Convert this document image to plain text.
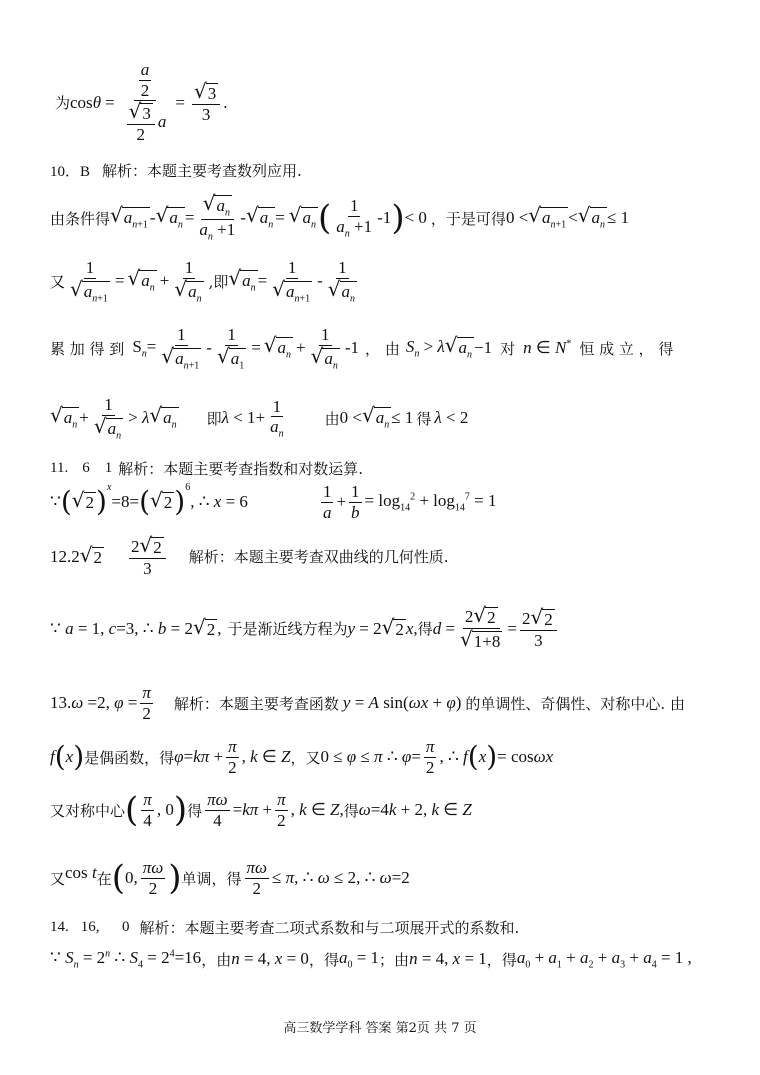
为 $\cos \theta = \frac{\frac{a}{2}}{\frac{√ 3}{2} a} = \frac{√ 3}{3}$ .
10．B 解析：本题主要考查数列应用.
由条件得 √ $a_{n+1}$ - √ $a_n = \frac{√ a_n}{a_n +1}$ - √ $a_n$ = √ $a_n$ ( $\frac{1}{a_n +1} -1$ ) < 0 ，于是可得 0 < √ $a_{n+1}$ < √ $a_n \le 1$
又 $\frac{1}{√ a_{n+1}}$ = √ $a_n + \frac{1}{√ a_n}$ ,即 √ $a_n = \frac{1}{√ a_{n+1}} - \frac{1}{√ a_n}$
累 加 得 到 $S_n= \frac{1}{√ a_{n+1}} - \frac{1}{√ a_1}$ = √ $a_n + \frac{1}{√ a_n} -1$ ， 由 $S_n > \lambda$ √ $a_n -1$ 对 n ∈ N* 恒 成 立 ， 得
√ $a_n + \frac{1}{√ a_n} > \lambda$ √ $a_n$ 即 $\lambda < 1+ \frac{1}{a_n}$	由 0 < √ $a_n \le 1$ 得 λ < 2
11. 6    1 解析：本题主要考查指数和对数运算.
∵ ( √ 2 ) $^x$
=8= ( √ 2 )$^6$
, ∴ x = 6	$\frac{1}{a} + \frac{1}{b} = \log_{14}^2 + \log_{14}^7 = 1$
12. 2 √ $2 \frac{2 √ 2}{3}$ 解析：本题主要考查双曲线的几何性质.
∵ a = 1, c=3, ∴ b = 2 √ 2 , 于是渐近线方程为 y = 2 √ 2 x, 得 $d = \frac{2 √ 2}{√ 1+8} = \frac{2 √ 2}{3}$
13. ω =2, $\varphi = \frac{\pi}{2}$ 解析：本题主要考查函数 y = A sin(ωx + φ) 的单调性、奇偶性、对称中心. 由
f ( x ) 是偶函数，得 $\varphi=k\pi + \frac{\pi}{2}$ , k ∈ Z ，又 0 ≤ φ ≤ π ∴ $\varphi= \frac{\pi}{2}$ , ∴ f ( x ) = cosωx
又对称中心 ( $\frac{\pi}{4}$ , 0 ) 得 $\frac{\pi\omega}{4} =k\pi + \frac{\pi}{2}$ , k ∈ Z, 得 ω=4k + 2, k ∈ Z
又 cos t 在 ( 0, $\frac{\pi\omega}{2}$ ) 单调，得 $\frac{\pi\omega}{2} \le \pi$, ∴ ω ≤ 2, ∴ ω=2
14. 16,      0 解析：本题主要考查二项式系数和与二项展开式的系数和.
∵ $S_n = 2^n$ ∴ $S_4 = 2^4=16$ ，由 n = 4, x = 0 ，得 $a_0 = 1$ ；由 n = 4, x = 1 ，得 $a_0 + a_1 + a_2 + a_3 + a_4 = 1$ ,
高三数学学科 答案 第2页 共 7 页
